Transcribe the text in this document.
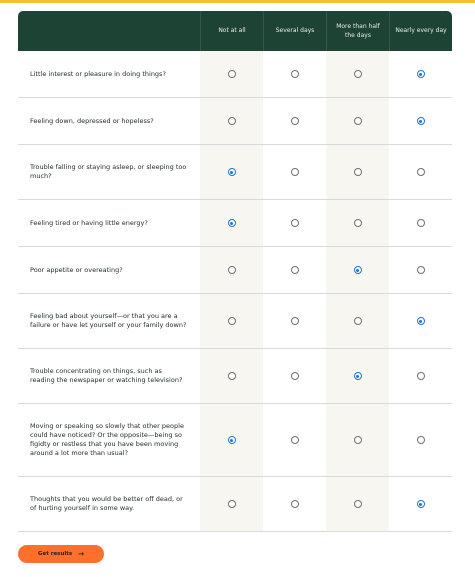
Not at all	Several days
More than half the days
Nearly every day
Little interest or pleasure in doing things?
Feeling down, depressed or hopeless?
Trouble falling or staying asleep, or sleeping too much?
Feeling tired or having little energy?
Poor appetite or overeating?
Feeling bad about yourself—or that you are a failure or have let yourself or your family down?
Trouble concentrating on things, such as reading the newspaper or watching television?
Moving or speaking so slowly that other people could have noticed? Or the opposite—being so figidty or restless that you have been moving around a lot more than usual?
Thoughts that you would be better off dead, or of hurting yourself in some way.
Get results →
